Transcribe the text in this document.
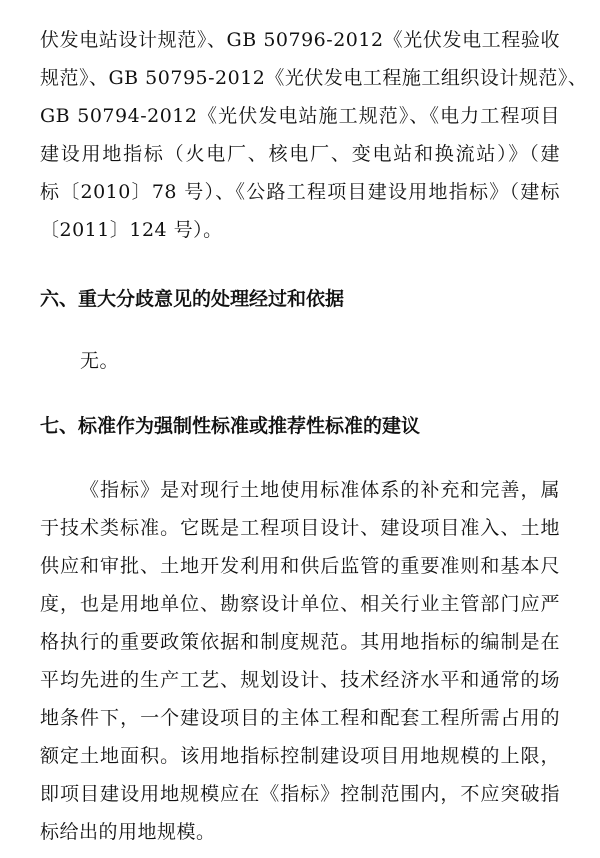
伏发电站设计规范》、GB 50796-2012《光伏发电工程验收
规范》、GB 50795-2012《光伏发电工程施工组织设计规范》、
GB 50794-2012《光伏发电站施工规范》、《电力工程项目
建设用地指标（火电厂、核电厂、变电站和换流站）》（建
标〔2010〕78 号）、《公路工程项目建设用地指标》（建标
〔2011〕124 号）。
六、重大分歧意见的处理经过和依据
无。
七、标准作为强制性标准或推荐性标准的建议
《指标》是对现行土地使用标准体系的补充和完善，属
于技术类标准。它既是工程项目设计、建设项目准入、土地
供应和审批、土地开发利用和供后监管的重要准则和基本尺
度，也是用地单位、勘察设计单位、相关行业主管部门应严
格执行的重要政策依据和制度规范。其用地指标的编制是在
平均先进的生产工艺、规划设计、技术经济水平和通常的场
地条件下，一个建设项目的主体工程和配套工程所需占用的
额定土地面积。该用地指标控制建设项目用地规模的上限，
即项目建设用地规模应在《指标》控制范围内，不应突破指
标给出的用地规模。
